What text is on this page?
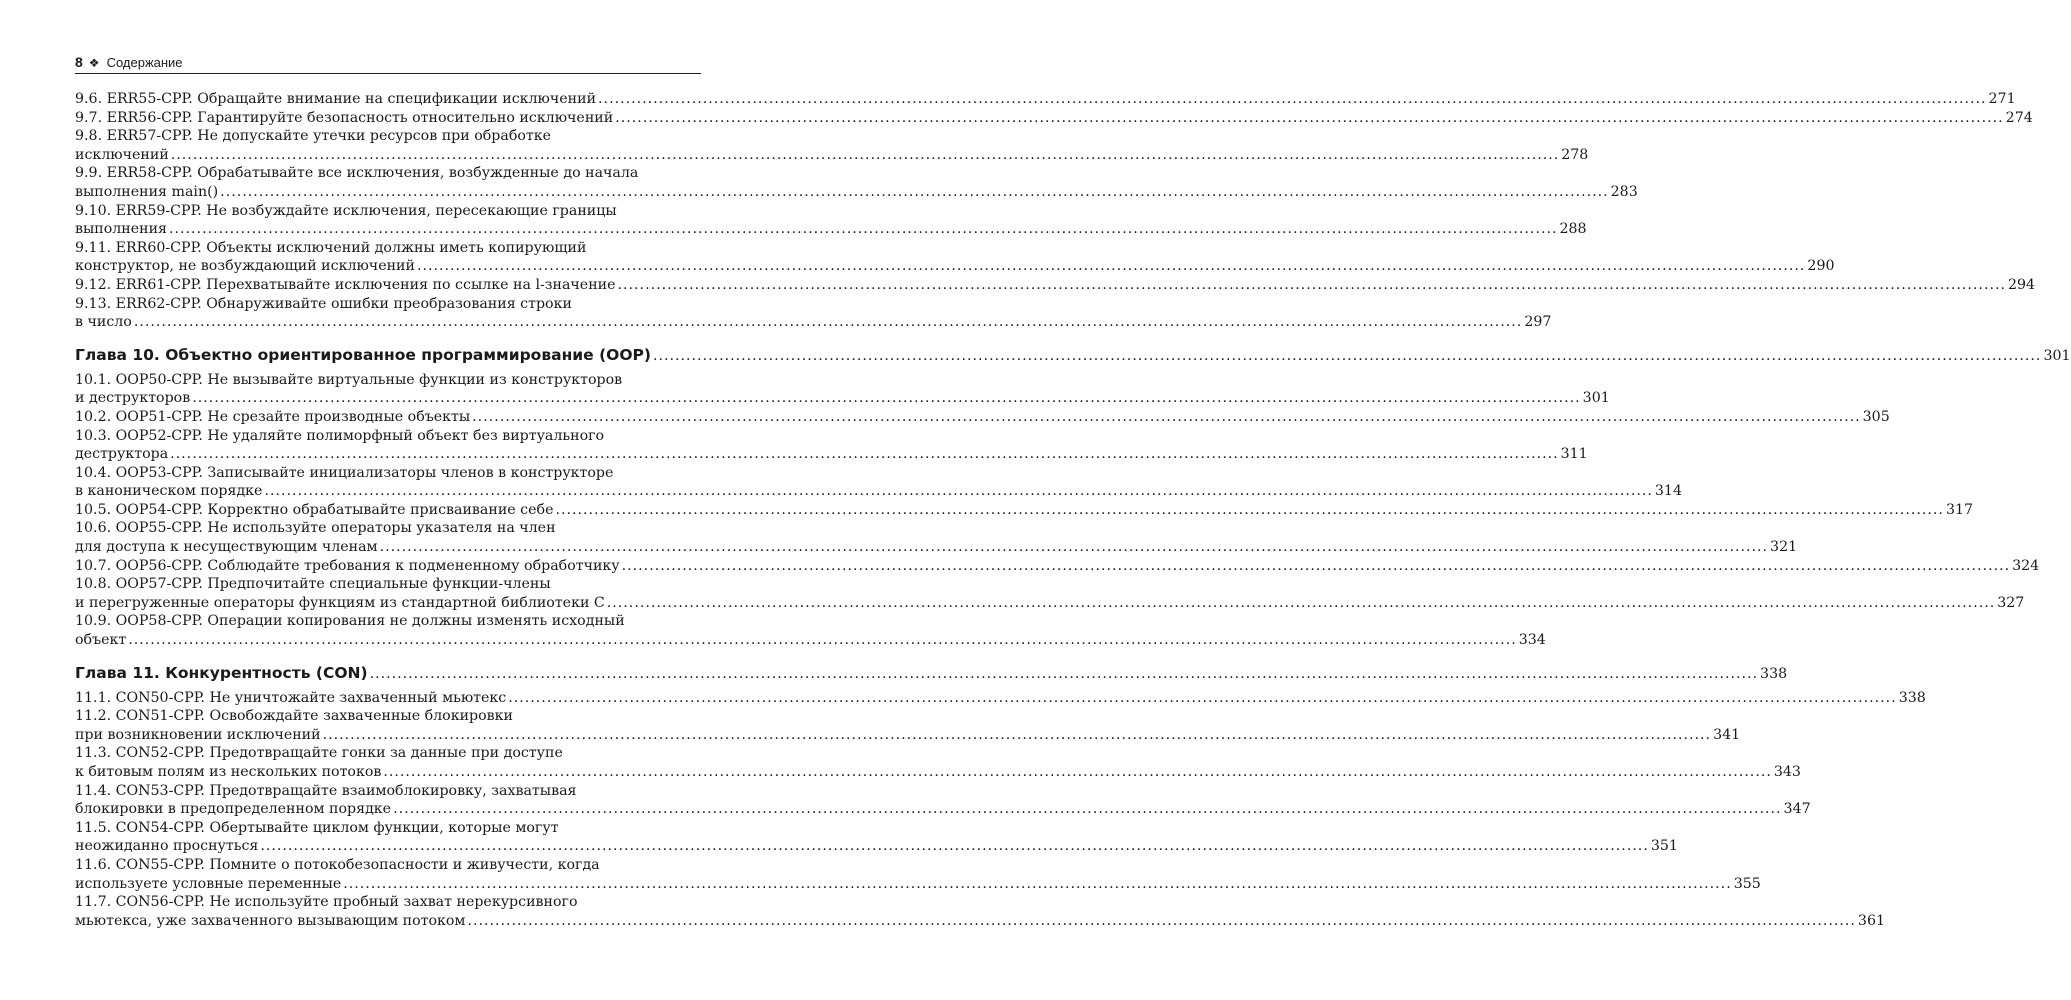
8 ❖ Содержание
9.6. ERR55-CPP. Обращайте внимание на спецификации исключений .....	271
9.7. ERR56-CPP. Гарантируйте безопасность относительно исключений .....	274
9.8. ERR57-CPP. Не допускайте утечки ресурсов при обработке
исключений .....	278
9.9. ERR58-CPP. Обрабатывайте все исключения, возбужденные до начала
выполнения main() .....	283
9.10. ERR59-CPP. Не возбуждайте исключения, пересекающие границы
выполнения .....	288
9.11. ERR60-CPP. Объекты исключений должны иметь копирующий
конструктор, не возбуждающий исключений .....	290
9.12. ERR61-CPP. Перехватывайте исключения по ссылке на l-значение .....	294
9.13. ERR62-CPP. Обнаруживайте ошибки преобразования строки
в число .....	297
Глава 10. Объектно ориентированное программирование (OOP) .....	301
10.1. OOP50-CPP. Не вызывайте виртуальные функции из конструкторов
и деструкторов .....	301
10.2. OOP51-CPP. Не срезайте производные объекты .....	305
10.3. OOP52-CPP. Не удаляйте полиморфный объект без виртуального
деструктора .....	311
10.4. OOP53-CPP. Записывайте инициализаторы членов в конструкторе
в каноническом порядке .....	314
10.5. OOP54-CPP. Корректно обрабатывайте присваивание себе .....	317
10.6. OOP55-CPP. Не используйте операторы указателя на член
для доступа к несуществующим членам .....	321
10.7. OOP56-CPP. Соблюдайте требования к подмененному обработчику .....	324
10.8. OOP57-CPP. Предпочитайте специальные функции-члены
и перегруженные операторы функциям из стандартной библиотеки C .....	327
10.9. OOP58-CPP. Операции копирования не должны изменять исходный
объект .....	334
Глава 11. Конкурентность (CON) .....	338
11.1. CON50-CPP. Не уничтожайте захваченный мьютекс .....	338
11.2. CON51-CPP. Освобождайте захваченные блокировки
при возникновении исключений .....	341
11.3. CON52-CPP. Предотвращайте гонки за данные при доступе
к битовым полям из нескольких потоков .....	343
11.4. CON53-CPP. Предотвращайте взаимоблокировку, захватывая
блокировки в предопределенном порядке .....	347
11.5. CON54-CPP. Обертывайте циклом функции, которые могут
неожиданно проснуться .....	351
11.6. CON55-CPP. Помните о потокобезопасности и живучести, когда
используете условные переменные .....	355
11.7. CON56-CPP. Не используйте пробный захват нерекурсивного
мьютекса, уже захваченного вызывающим потоком .....	361
